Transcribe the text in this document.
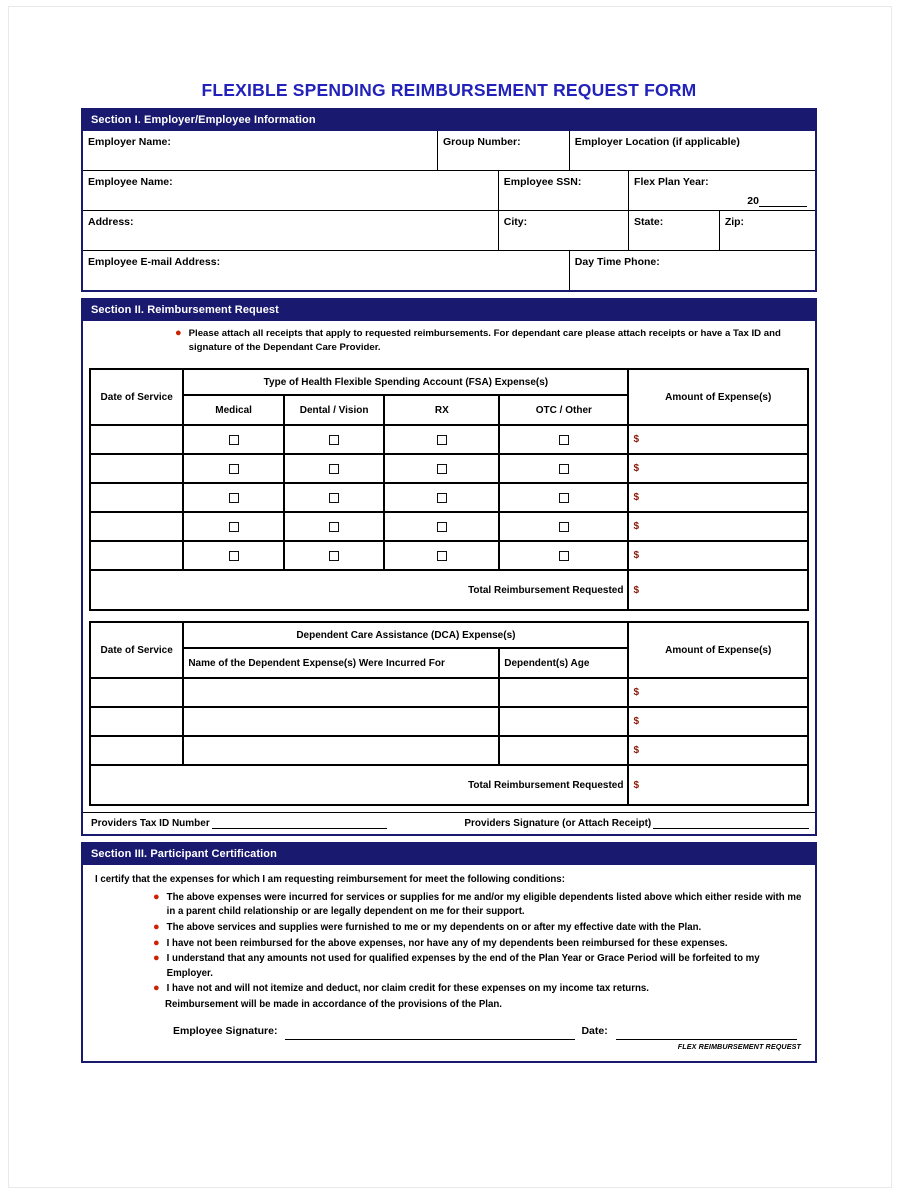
FLEXIBLE SPENDING REIMBURSEMENT REQUEST FORM
Section I. Employer/Employee Information
Employer Name:	Group Number:	Employer Location (if applicable)
Employee Name:	Employee SSN:	Flex Plan Year:
20
Address:	City:	State:	Zip:
Employee E-mail Address:	Day Time Phone:
Section II. Reimbursement Request
● Please attach all receipts that apply to requested reimbursements. For dependant care please attach receipts or have a Tax ID and signature of the Dependant Care Provider.
Date of Service	Type of Health Flexible Spending Account (FSA) Expense(s)				Amount of Expense(s)
	Medical	Dental / Vision	RX	OTC / Other	
					$
					$
					$
					$
					$
Total Reimbursement Requested					$
Date of Service	Dependent Care Assistance (DCA) Expense(s)		Amount of Expense(s)
	Name of the Dependent Expense(s) Were Incurred For	Dependent(s) Age	
			$
			$
			$
Total Reimbursement Requested			$
Providers Tax ID Number	Providers Signature (or Attach Receipt)
Section III. Participant Certification
I certify that the expenses for which I am requesting reimbursement for meet the following conditions:
● The above expenses were incurred for services or supplies for me and/or my eligible dependents listed above which either reside with me in a parent child relationship or are legally dependent on me for their support.
● The above services and supplies were furnished to me or my dependents on or after my effective date with the Plan.
● I have not been reimbursed for the above expenses, nor have any of my dependents been reimbursed for these expenses.
● I understand that any amounts not used for qualified expenses by the end of the Plan Year or Grace Period will be forfeited to my Employer.
● I have not and will not itemize and deduct, nor claim credit for these expenses on my income tax returns.
Reimbursement will be made in accordance of the provisions of the Plan.
Employee Signature:	Date:
FLEX REIMBURSEMENT REQUEST
